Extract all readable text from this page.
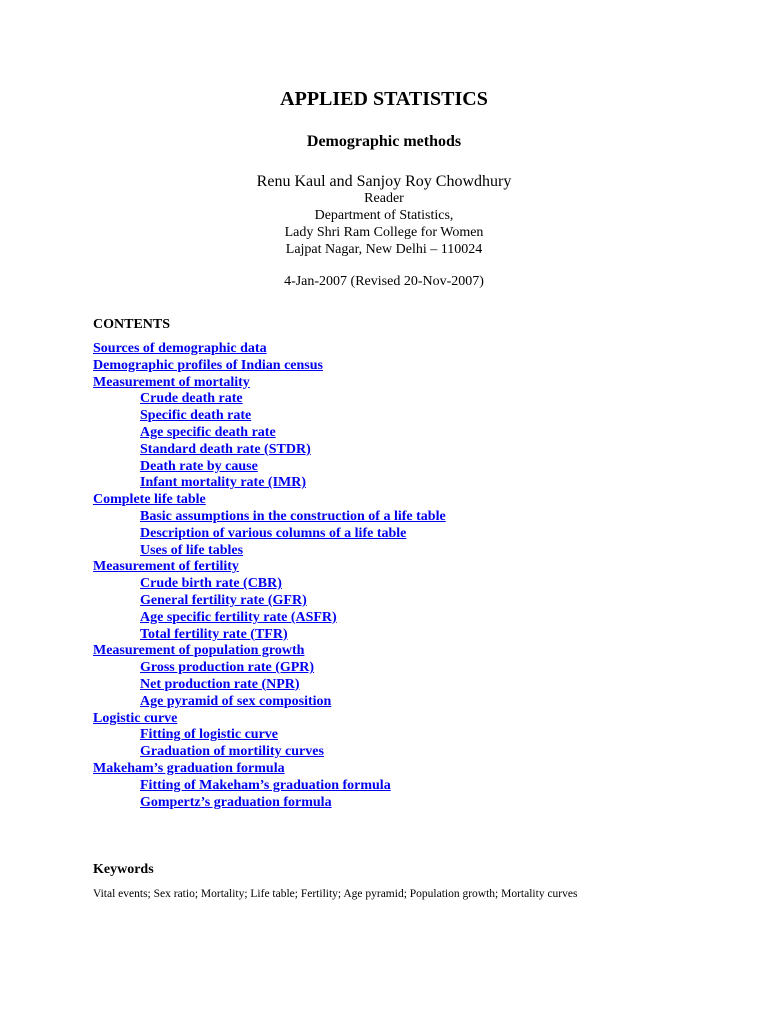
APPLIED STATISTICS
Demographic methods
Renu Kaul and Sanjoy Roy Chowdhury
Reader
Department of Statistics,
Lady Shri Ram College for Women
Lajpat Nagar, New Delhi – 110024
4-Jan-2007 (Revised 20-Nov-2007)
CONTENTS
Sources of demographic data
Demographic profiles of Indian census
Measurement of mortality
Crude death rate
Specific death rate
Age specific death rate
Standard death rate (STDR)
Death rate by cause
Infant mortality rate (IMR)
Complete life table
Basic assumptions in the construction of a life table
Description of various columns of a life table
Uses of life tables
Measurement of fertility
Crude birth rate (CBR)
General fertility rate (GFR)
Age specific fertility rate (ASFR)
Total fertility rate (TFR)
Measurement of population growth
Gross production rate (GPR)
Net production rate (NPR)
Age pyramid of sex composition
Logistic curve
Fitting of logistic curve
Graduation of mortility curves
Makeham’s graduation formula
Fitting of Makeham’s graduation formula
Gompertz’s graduation formula
Keywords
Vital events; Sex ratio; Mortality; Life table; Fertility; Age pyramid; Population growth; Mortality curves
